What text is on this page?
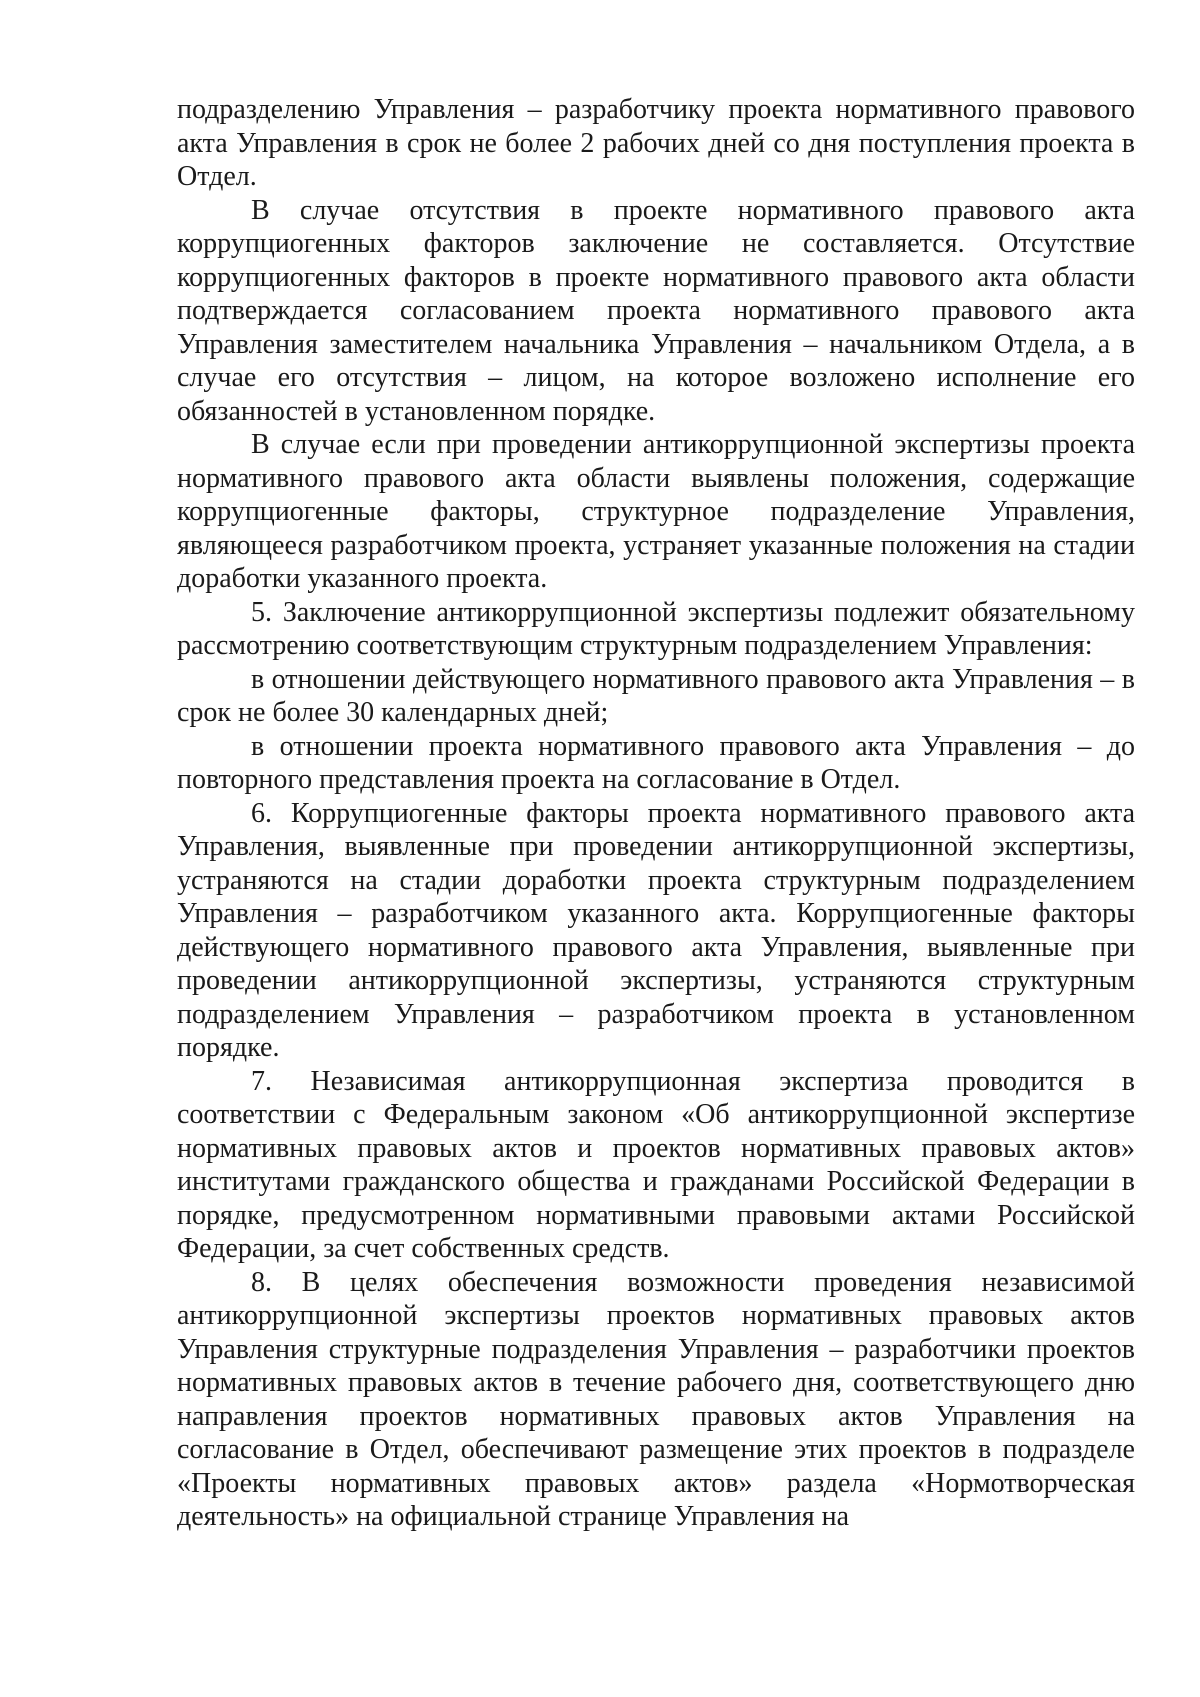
подразделению Управления – разработчику проекта нормативного правового акта Управления в срок не более 2 рабочих дней со дня поступления проекта в Отдел.

В случае отсутствия в проекте нормативного правового акта коррупциогенных факторов заключение не составляется. Отсутствие коррупциогенных факторов в проекте нормативного правового акта области подтверждается согласованием проекта нормативного правового акта Управления заместителем начальника Управления – начальником Отдела, а в случае его отсутствия – лицом, на которое возложено исполнение его обязанностей в установленном порядке.

В случае если при проведении антикоррупционной экспертизы проекта нормативного правового акта области выявлены положения, содержащие коррупциогенные факторы, структурное подразделение Управления, являющееся разработчиком проекта, устраняет указанные положения на стадии доработки указанного проекта.

5. Заключение антикоррупционной экспертизы подлежит обязательному рассмотрению соответствующим структурным подразделением Управления:

в отношении действующего нормативного правового акта Управления – в срок не более 30 календарных дней;

в отношении проекта нормативного правового акта Управления – до повторного представления проекта на согласование в Отдел.

6. Коррупциогенные факторы проекта нормативного правового акта Управления, выявленные при проведении антикоррупционной экспертизы, устраняются на стадии доработки проекта структурным подразделением Управления – разработчиком указанного акта. Коррупциогенные факторы действующего нормативного правового акта Управления, выявленные при проведении антикоррупционной экспертизы, устраняются структурным подразделением Управления – разработчиком проекта в установленном порядке.

7. Независимая антикоррупционная экспертиза проводится в соответствии с Федеральным законом «Об антикоррупционной экспертизе нормативных правовых актов и проектов нормативных правовых актов» институтами гражданского общества и гражданами Российской Федерации в порядке, предусмотренном нормативными правовыми актами Российской Федерации, за счет собственных средств.

8. В целях обеспечения возможности проведения независимой антикоррупционной экспертизы проектов нормативных правовых актов Управления структурные подразделения Управления – разработчики проектов нормативных правовых актов в течение рабочего дня, соответствующего дню направления проектов нормативных правовых актов Управления на согласование в Отдел, обеспечивают размещение этих проектов в подразделе «Проекты нормативных правовых актов» раздела «Нормотворческая деятельность» на официальной странице Управления на
